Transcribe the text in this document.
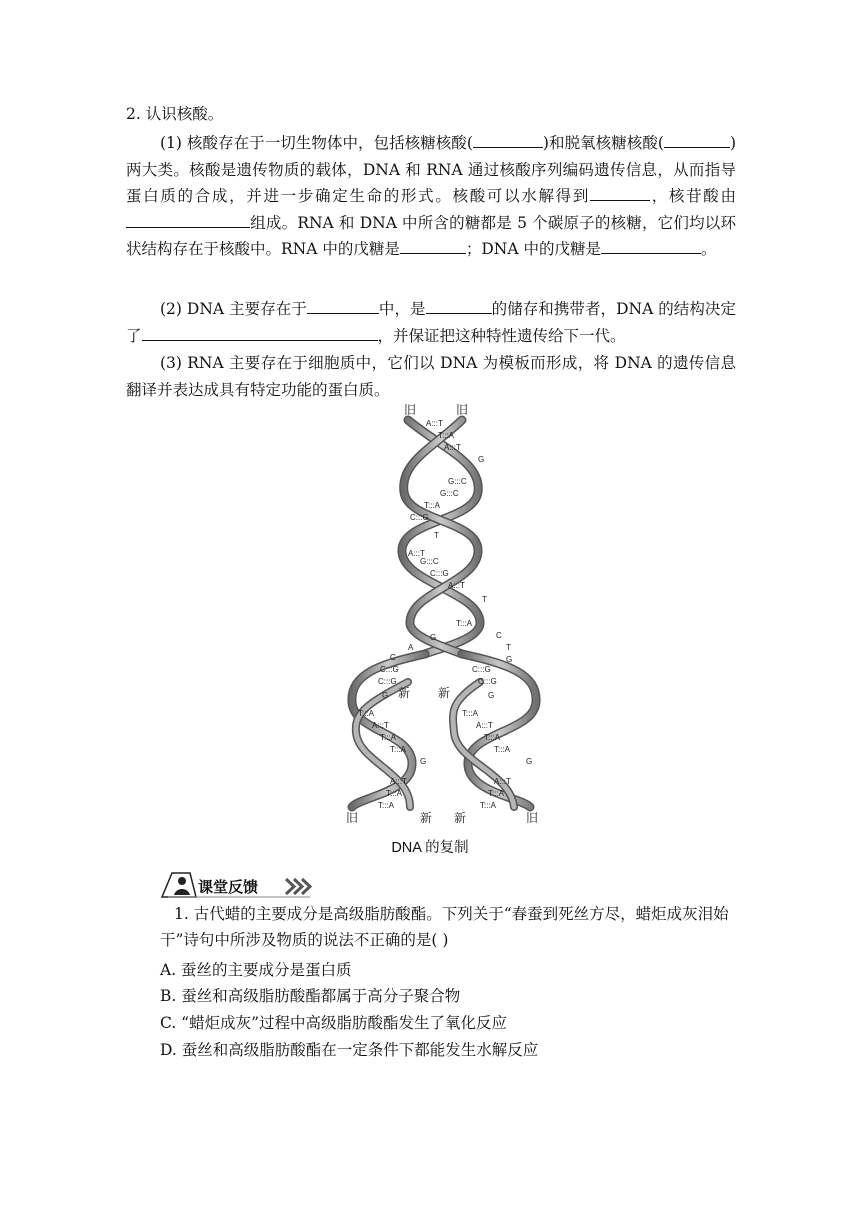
2. 认识核酸。

(1) 核酸存在于一切生物体中，包括核糖核酸(	)和脱氧核糖核酸(	)两大类。核酸是遗传物质的载体，DNA 和 RNA 通过核酸序列编码遗传信息，从而指导蛋白质的合成，并进一步确定生命的形式。核酸可以水解得到	，核苷酸由组成。RNA 和 DNA 中所含的糖都是 5 个碳原子的核糖，它们均以环状结构存在于核酸中。RNA 中的戊糖是	；DNA 中的戊糖是	。

(2) DNA 主要存在于	中，是	的储存和携带者，DNA 的结构决定了	，并保证把这种特性遗传给下一代。

(3) RNA 主要存在于细胞质中，它们以 DNA 为模板而形成，将 DNA 的遗传信息翻译并表达成具有特定功能的蛋白质。

旧	旧
新 新
旧	新 新	旧
A:::T
T:::A
A:::T
G
G:::C
G:::C
T:::A
C:::G
T
A:::T
G:::C
C:::G
A:::T
T
T:::A
G
A
C
C:::G
C:::G
G
C
T
G
C:::G
C:::G
G
T:::A
A:::T
T:::A
T:::A
G
A:::T
T:::A
T:::A
T:::A
A:::T
T:::A
T:::A
G
A:::T
T:::A
T:::A
DNA 的复制
课堂反馈

1. 古代蜡的主要成分是高级脂肪酸酯。下列关于“春蚕到死丝方尽，蜡炬成灰泪始干”诗句中所涉及物质的说法不正确的是( )

A. 蚕丝的主要成分是蛋白质

B. 蚕丝和高级脂肪酸酯都属于高分子聚合物

C. “蜡炬成灰”过程中高级脂肪酸酯发生了氧化反应

D. 蚕丝和高级脂肪酸酯在一定条件下都能发生水解反应
